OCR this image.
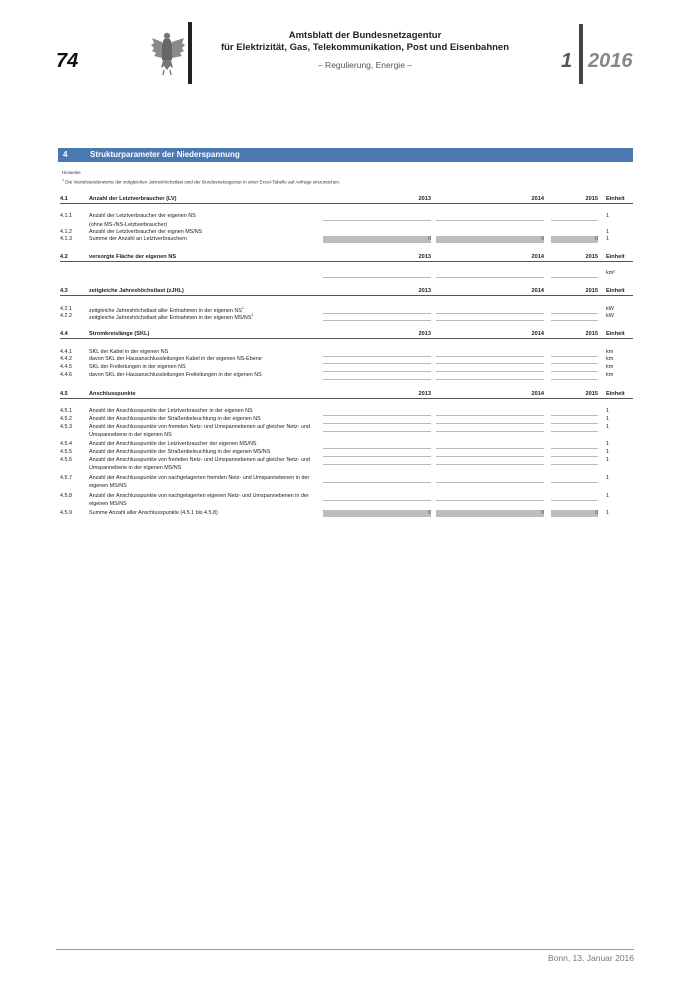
74
Amtsblatt der Bundesnetzagentur
für Elektrizität, Gas, Telekommunikation, Post und Eisenbahnen
– Regulierung, Energie –	1 2016
4	Strukturparameter der Niederspannung
Hinweise
$^1$ Die Viertelstundenwerte der zeitgleichen Jahreshöchstlast sind der Bundesnetzagentur in einer Excel-Tabelle auf Anfrage einzureichen.
4.1	Anzahl der Letztverbraucher (LV)	2013	2014	2015 Einheit
4.1.1	Anzahl der Letztverbraucher der eigenen NS	1
(ohne MS-/NS-Letztverbraucher)
4.1.2	Anzahl der Letztverbraucher der eignen MS/NS	1
4.1.3	Summe der Anzahl an Letztverbrauchern	0	0	0 1
4.2	versorgte Fläche der eigenen NS	2013	2014	2015 Einheit
km²
4.3	zeitgleiche Jahreshöchstlast (zJHL)	2013	2014	2015 Einheit
4.2.1	zeitgleiche Jahreshöchstlast aller Entnahmen in der eigenen $NS^1$	kW
4.2.2	zeitgleiche Jahreshöchstlast aller Entnahmen in der eigenen $MS/NS^1$	kW
4.4	Stromkreislänge (SKL)	2013	2014	2015 Einheit
4.4.1	SKL der Kabel in der eigenen NS	km
4.4.2	davon SKL der Hausanschlussleitungen Kabel in der eigenen NS-Ebene	km
4.4.5	SKL der Freileitungen in der eigenen NS	km
4.4.6	davon SKL der Hausanschlussleitungen Freileitungen in der eigenen NS	km
4.5	Anschlusspunkte	2013	2014	2015 Einheit
4.5.1	Anzahl der Anschlusspunkte der Letztverbraucher in der eigenen NS	1
4.5.2	Anzahl der Anschlusspunkte der Straßenbeleuchtung in der eigenen NS	1
4.5.3	Anzahl der Anschlusspunkte von fremden Netz- und Umspannebenen auf gleicher Netz- und	1
Umspannebene in der eigenen NS
4.5.4	Anzahl der Anschlusspunkte der Letztverbraucher der eigenen MS/NS	1
4.5.5	Anzahl der Anschlusspunkte der Straßenbeleuchtung in der eigenen MS/NS	1
4.5.6	Anzahl der Anschlusspunkte von fremden Netz- und Umspannebenen auf gleicher Netz- und	1
Umspannebene in der eigenen MS/NS
4.5.7	Anzahl der Anschlusspunkte von nachgelagerten fremden Netz- und Umspannebenen in der	1
eigenen MS/NS
4.5.8	Anzahl der Anschlusspunkte von nachgelagerten eigenen Netz- und Umspannebenen in der	1
eigenen MS/NS
4.5.9	Summe Anzahl aller Anschlusspunkte (4.5.1 bis 4.5.8)	0	0	0 1
Bonn, 13. Januar 2016
